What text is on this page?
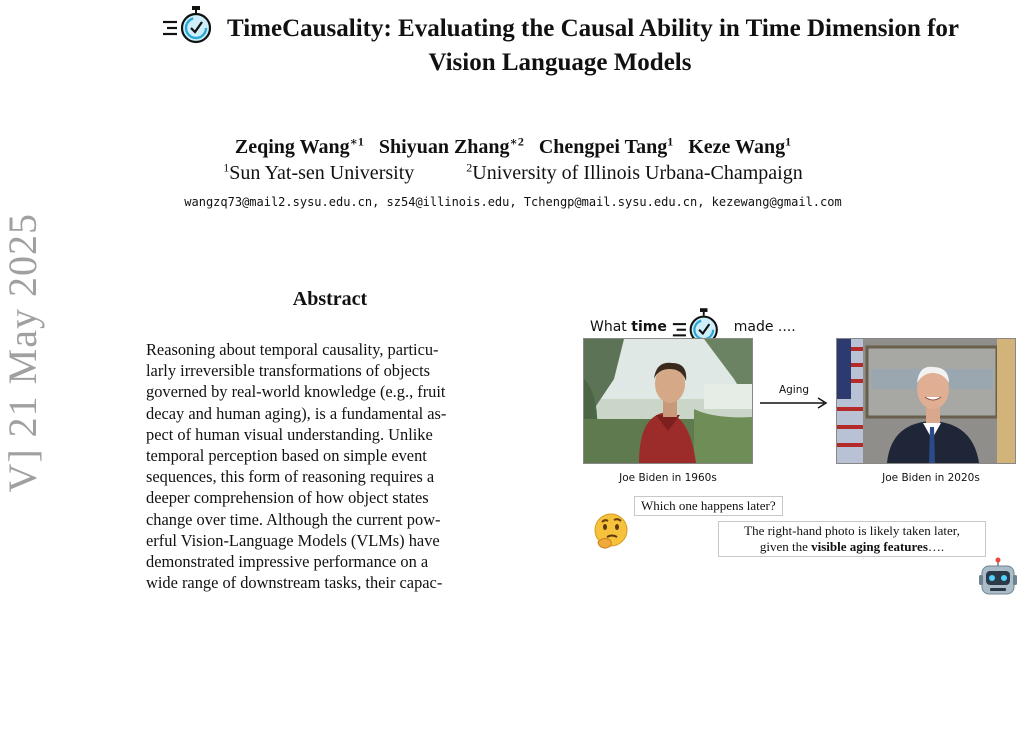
TimeCausality: Evaluating the Causal Ability in Time Dimension for
Vision Language Models
Zeqing Wang$^{∗1}$ Shiyuan Zhang$^{∗2}$ Chengpei Tang$^1$ Keze Wang$^1$
$^1$Sun Yat-sen University	$^2$University of Illinois Urbana-Champaign
wangzq73@mail2.sysu.edu.cn, sz54@illinois.edu, Tchengp@mail.sysu.edu.cn, kezewang@gmail.com
V] 21 May 2025	Abstract
Reasoning about temporal causality, particu-
larly irreversible transformations of objects
governed by real-world knowledge (e.g., fruit
decay and human aging), is a fundamental as-
pect of human visual understanding. Unlike
temporal perception based on simple event
sequences, this form of reasoning requires a
deeper comprehension of how object states
change over time. Although the current pow-
erful Vision-Language Models (VLMs) have
demonstrated impressive performance on a
wide range of downstream tasks, their capac-
What time	made ....
Aging
Joe Biden in 1960s	Joe Biden in 2020s
Which one happens later?
The right-hand photo is likely taken later,
given the visible aging features….
